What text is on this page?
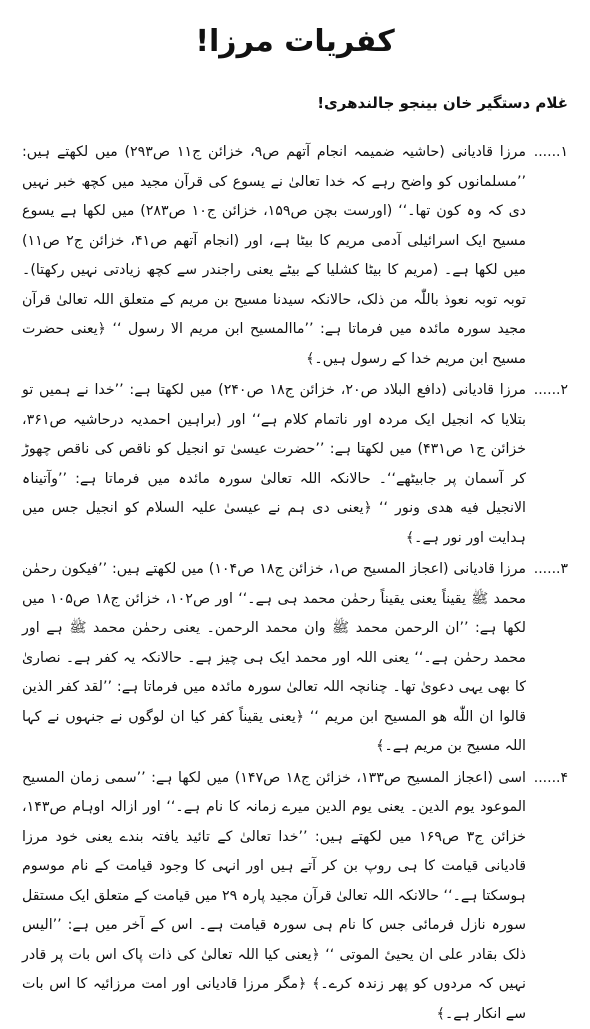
کفریات مرزا!
غلام دستگیر خان بینجو جالندھری!
۱......

مرزا قادیانی (حاشیہ ضمیمہ انجام آتھم ص۹، خزائن ج۱۱ ص۲۹۳) میں لکھتے ہیں: ’’مسلمانوں کو واضح رہے کہ خدا تعالیٰ نے یسوع کی قرآن مجید میں کچھ خبر نہیں دی کہ وہ کون تھا۔‘‘ (اورست بچن ص۱۵۹، خزائن ج۱۰ ص۲۸۳) میں لکھا ہے یسوع مسیح ایک اسرائیلی آدمی مریم کا بیٹا ہے، اور (انجام آتھم ص۴۱، خزائن ج۲ ص۱۱) میں لکھا ہے۔ (مریم کا بیٹا کشلیا کے بیٹے یعنی راجندر سے کچھ زیادتی نہیں رکھتا)۔ توبہ توبہ نعوذ باللّٰہ من ذلک، حالانکہ سیدنا مسیح بن مریم کے متعلق اللہ تعالیٰ قرآن مجید سورہ مائدہ میں فرماتا ہے: ’’ماالمسیح ابن مریم الا رسول ‘‘ ﴿یعنی حضرت مسیح ابن مریم خدا کے رسول ہیں۔﴾

۲......

مرزا قادیانی (دافع البلاد ص۲۰، خزائن ج۱۸ ص۲۴۰) میں لکھتا ہے: ’’خدا نے ہمیں تو بتلایا کہ انجیل ایک مردہ اور ناتمام کلام ہے‘‘ اور (براہین احمدیہ درحاشیہ ص۳۶۱، خزائن ج۱ ص۴۳۱) میں لکھتا ہے: ’’حضرت عیسیٰ تو انجیل کو ناقص کی ناقص چھوڑ کر آسمان پر جابیٹھے‘‘۔ حالانکہ اللہ تعالیٰ سورہ مائدہ میں فرماتا ہے: ’’وآتیناہ الانجیل فیه هدی ونور ‘‘ ﴿یعنی دی ہم نے عیسیٰ علیہ السلام کو انجیل جس میں ہدایت اور نور ہے۔﴾

۳......

مرزا قادیانی (اعجاز المسیح ص۱، خزائن ج۱۸ ص۱۰۴) میں لکھتے ہیں: ’’فیکون رحمٰن محمد ﷺ یقیناً یعنی یقیناً رحمٰن محمد ہی ہے۔‘‘ اور ص۱۰۲، خزائن ج۱۸ ص۱۰۵ میں لکھا ہے: ’’ان الرحمن محمد ﷺ وان محمد الرحمن۔ یعنی رحمٰن محمد ﷺ ہے اور محمد رحمٰن ہے۔‘‘ یعنی اللہ اور محمد ایک ہی چیز ہے۔ حالانکہ یہ کفر ہے۔ نصاریٰ کا بھی یہی دعویٰ تھا۔ چنانچہ اللہ تعالیٰ سورہ مائدہ میں فرماتا ہے: ’’لقد کفر الذین قالوا ان اللّٰه هو المسیح ابن مریم ‘‘ ﴿یعنی یقیناً کفر کیا ان لوگوں نے جنہوں نے کہا اللہ مسیح بن مریم ہے۔﴾

۴......

اسی (اعجاز المسیح ص۱۳۳، خزائن ج۱۸ ص۱۴۷) میں لکھا ہے: ’’سمی زمان المسیح الموعود یوم الدین۔ یعنی یوم الدین میرے زمانہ کا نام ہے۔‘‘ اور ازالہ اوہام ص۱۴۳، خزائن ج۳ ص۱۶۹ میں لکھتے ہیں: ’’خدا تعالیٰ کے تائید یافتہ بندے یعنی خود مرزا قادیانی قیامت کا ہی روپ بن کر آتے ہیں اور انہی کا وجود قیامت کے نام موسوم ہوسکتا ہے۔‘‘ حالانکہ اللہ تعالیٰ قرآن مجید پارہ ۲۹ میں قیامت کے متعلق ایک مستقل سورہ نازل فرمائی جس کا نام ہی سورہ قیامت ہے۔ اس کے آخر میں ہے: ’’الیس ذلک بقادر علی ان یحییٔ الموتی ‘‘ ﴿یعنی کیا اللہ تعالیٰ کی ذات پاک اس بات پر قادر نہیں کہ مردوں کو پھر زندہ کرے۔﴾ ﴿مگر مرزا قادیانی اور امت مرزائیہ کا اس بات سے انکار ہے۔﴾
